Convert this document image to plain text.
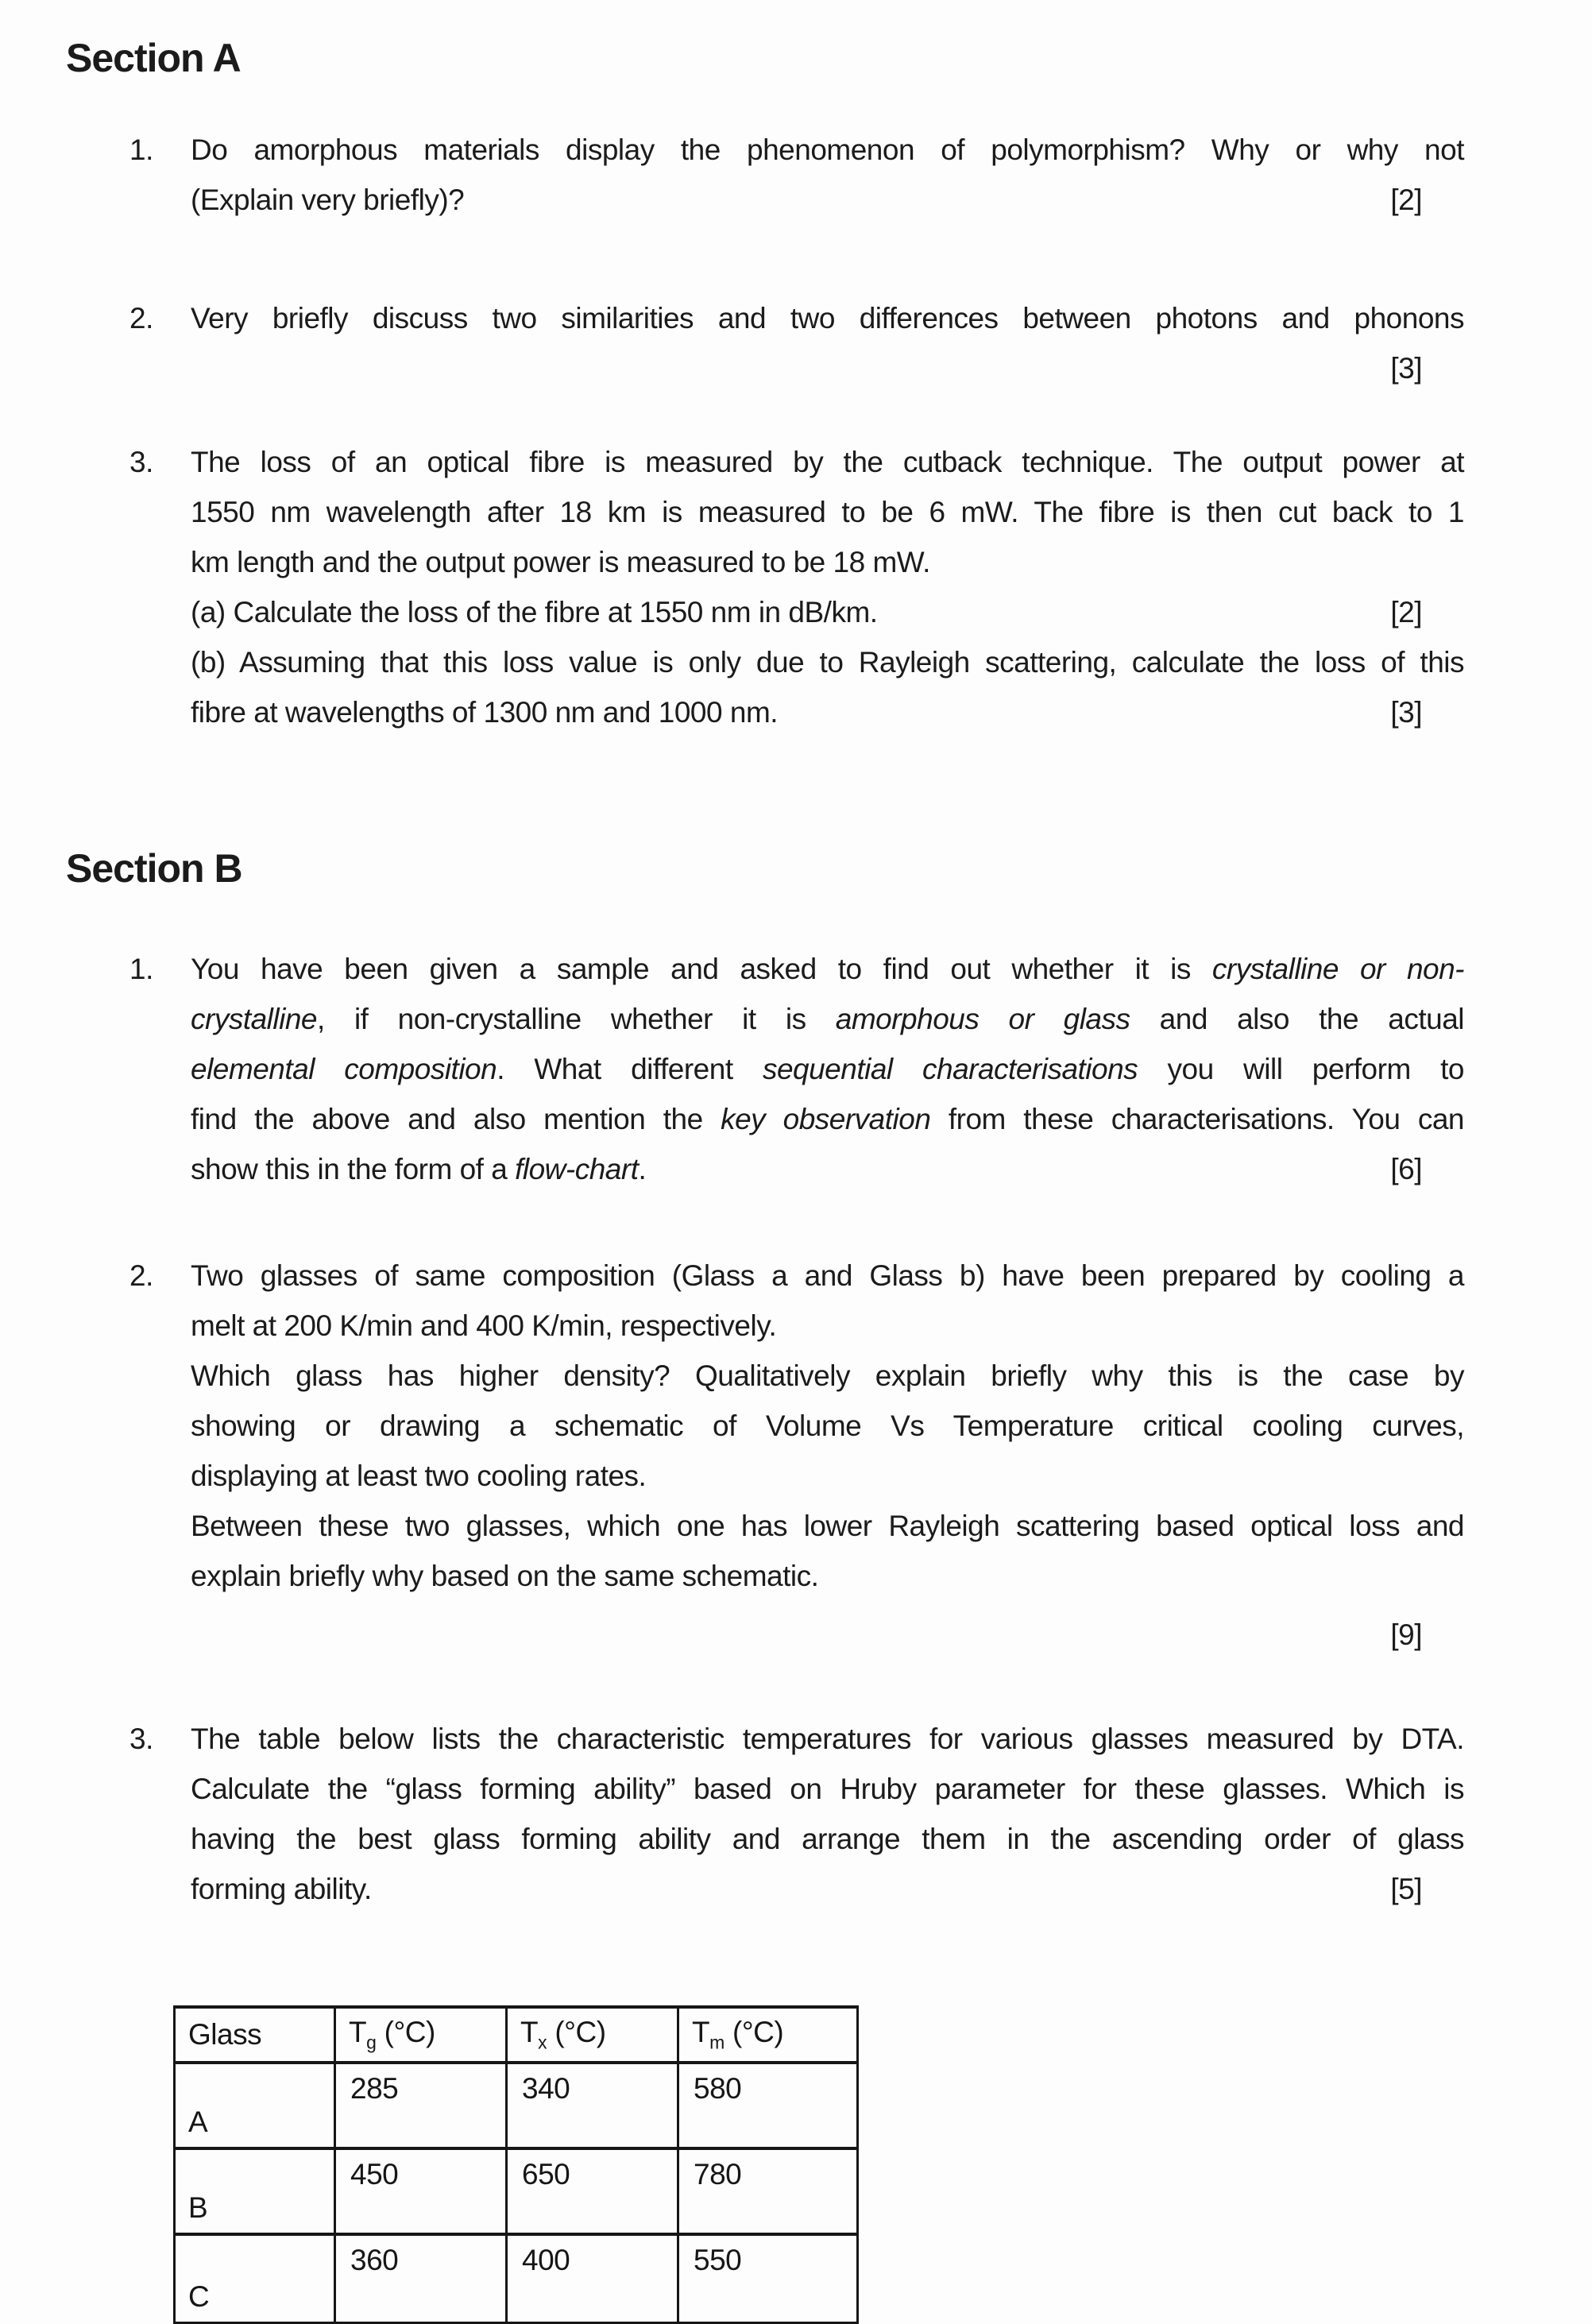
Section A
1.	Do amorphous materials display the phenomenon of polymorphism? Why or why not
(Explain very briefly)?	[2]
2.	Very briefly discuss two similarities and two differences between photons and phonons
[3]
3.	The loss of an optical fibre is measured by the cutback technique. The output power at
1550 nm wavelength after 18 km is measured to be 6 mW. The fibre is then cut back to 1
km length and the output power is measured to be 18 mW.
(a) Calculate the loss of the fibre at 1550 nm in dB/km.	[2]
(b) Assuming that this loss value is only due to Rayleigh scattering, calculate the loss of this
fibre at wavelengths of 1300 nm and 1000 nm.	[3]
Section B
1.	You have been given a sample and asked to find out whether it is crystalline or non-
crystalline, if non-crystalline whether it is amorphous or glass and also the actual
elemental composition. What different sequential characterisations you will perform to
find the above and also mention the key observation from these characterisations. You can
show this in the form of a flow-chart.	[6]
2.	Two glasses of same composition (Glass a and Glass b) have been prepared by cooling a
melt at 200 K/min and 400 K/min, respectively.
Which glass has higher density? Qualitatively explain briefly why this is the case by
showing or drawing a schematic of Volume Vs Temperature critical cooling curves,
displaying at least two cooling rates.
Between these two glasses, which one has lower Rayleigh scattering based optical loss and
explain briefly why based on the same schematic.
[9]
3.	The table below lists the characteristic temperatures for various glasses measured by DTA.
Calculate the “glass forming ability” based on Hruby parameter for these glasses. Which is
having the best glass forming ability and arrange them in the ascending order of glass
forming ability.	[5]
Glass	$T_g$ (°C)	$T_x$ (°C)	$T_m$ (°C)
A	285	340	580
B	450	650	780
C	360	400	550
